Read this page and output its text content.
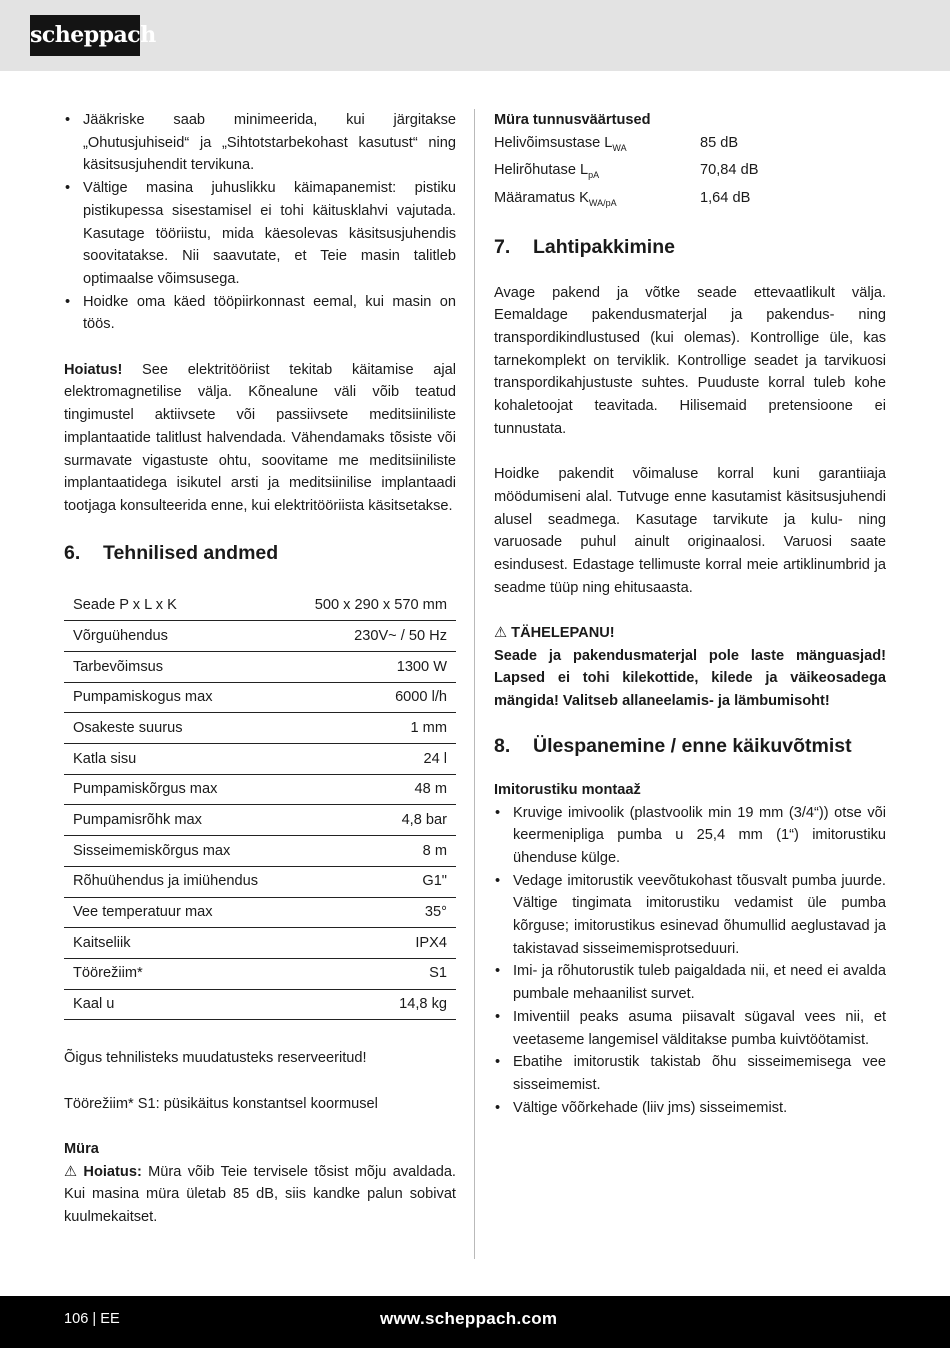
scheppach
• Jääkriske saab minimeerida, kui järgitakse „Ohutusjuhiseid“ ja „Sihtotstarbekohast kasutust“ ning käsitsusjuhendit tervikuna.
• Vältige masina juhuslikku käimapanemist: pistiku pistikupessa sisestamisel ei tohi käitusklahvi vajutada. Kasutage tööriistu, mida käesolevas käsitsusjuhendis soovitatakse. Nii saavutate, et Teie masin talitleb optimaalse võimsusega.
• Hoidke oma käed tööpiirkonnast eemal, kui masin on töös.

Hoiatus! See elektritööriist tekitab käitamise ajal elektromagnetilise välja. Kõnealune väli võib teatud tingimustel aktiivsete või passiivsete meditsiiniliste implantaatide talitlust halvendada. Vähendamaks tõsiste või surmavate vigastuste ohtu, soovitame me meditsiiniliste implantaatidega isikutel arsti ja meditsiinilise implantaadi tootjaga konsulteerida enne, kui elektritööriista käsitsetakse.

6.	Tehnilised andmed
Seade P x L x K	500 x 290 x 570 mm
Võrguühendus	230V~ / 50 Hz
Tarbevõimsus	1300 W
Pumpamiskogus max	6000 l/h
Osakeste suurus	1 mm
Katla sisu	24 l
Pumpamiskõrgus max	48 m
Pumpamisrõhk max	4,8 bar
Sisseimemiskõrgus max	8 m
Rõhuühendus ja imiühendus	G1"
Vee temperatuur max	35°
Kaitseliik	IPX4
Töörežiim*	S1
Kaal u	14,8 kg

Õigus tehnilisteks muudatusteks reserveeritud!

Töörežiim* S1: püsikäitus konstantsel koormusel

Müra

⚠ Hoiatus: Müra võib Teie tervisele tõsist mõju avaldada. Kui masina müra ületab 85 dB, siis kandke palun sobivat kuulmekaitset.

Müra tunnusväärtused
Helivõimsustase $L_{WA}$	85 dB
Helirõhutase $L_{pA}$	70,84 dB
Määramatus $K_{WA/pA}$	1,64 dB
7.	Lahtipakkimine

Avage pakend ja võtke seade ettevaatlikult välja. Eemaldage pakendusmaterjal ja pakendus- ning transpordikindlustused (kui olemas). Kontrollige üle, kas tarnekomplekt on terviklik. Kontrollige seadet ja tarvikuosi transpordikahjustuste suhtes. Puuduste korral tuleb kohe kohaletoojat teavitada. Hilisemaid pretensioone ei tunnustata.

Hoidke pakendit võimaluse korral kuni garantiiaja möödumiseni alal. Tutvuge enne kasutamist käsitsusjuhendi alusel seadmega. Kasutage tarvikute ja kulu- ning varuosade puhul ainult originaalosi. Varuosi saate esindusest. Edastage tellimuste korral meie artiklinumbrid ja seadme tüüp ning ehitusaasta.

⚠ TÄHELEPANU!

Seade ja pakendusmaterjal pole laste mänguasjad! Lapsed ei tohi kilekottide, kilede ja väikeosadega mängida! Valitseb allaneelamis- ja lämbumisoht!

8.	Ülespanemine / enne käikuvõtmist
Imitorustiku montaaž
• Kruvige imivoolik (plastvoolik min 19 mm (3/4“)) otse või keermenipliga pumba u 25,4 mm (1“) imitorustiku ühenduse külge.
• Vedage imitorustik veevõtukohast tõusvalt pumba juurde. Vältige tingimata imitorustiku vedamist üle pumba kõrguse; imitorustikus esinevad õhumullid aeglustavad ja takistavad sisseimemisprotseduuri.
• Imi- ja rõhutorustik tuleb paigaldada nii, et need ei avalda pumbale mehaanilist survet.
• Imiventiil peaks asuma piisavalt sügaval vees nii, et veetaseme langemisel välditakse pumba kuivtöötamist.
• Ebatihe imitorustik takistab õhu sisseimemisega vee sisseimemist.
• Vältige võõrkehade (liiv jms) sisseimemist.
106 | EE	www.scheppach.com
